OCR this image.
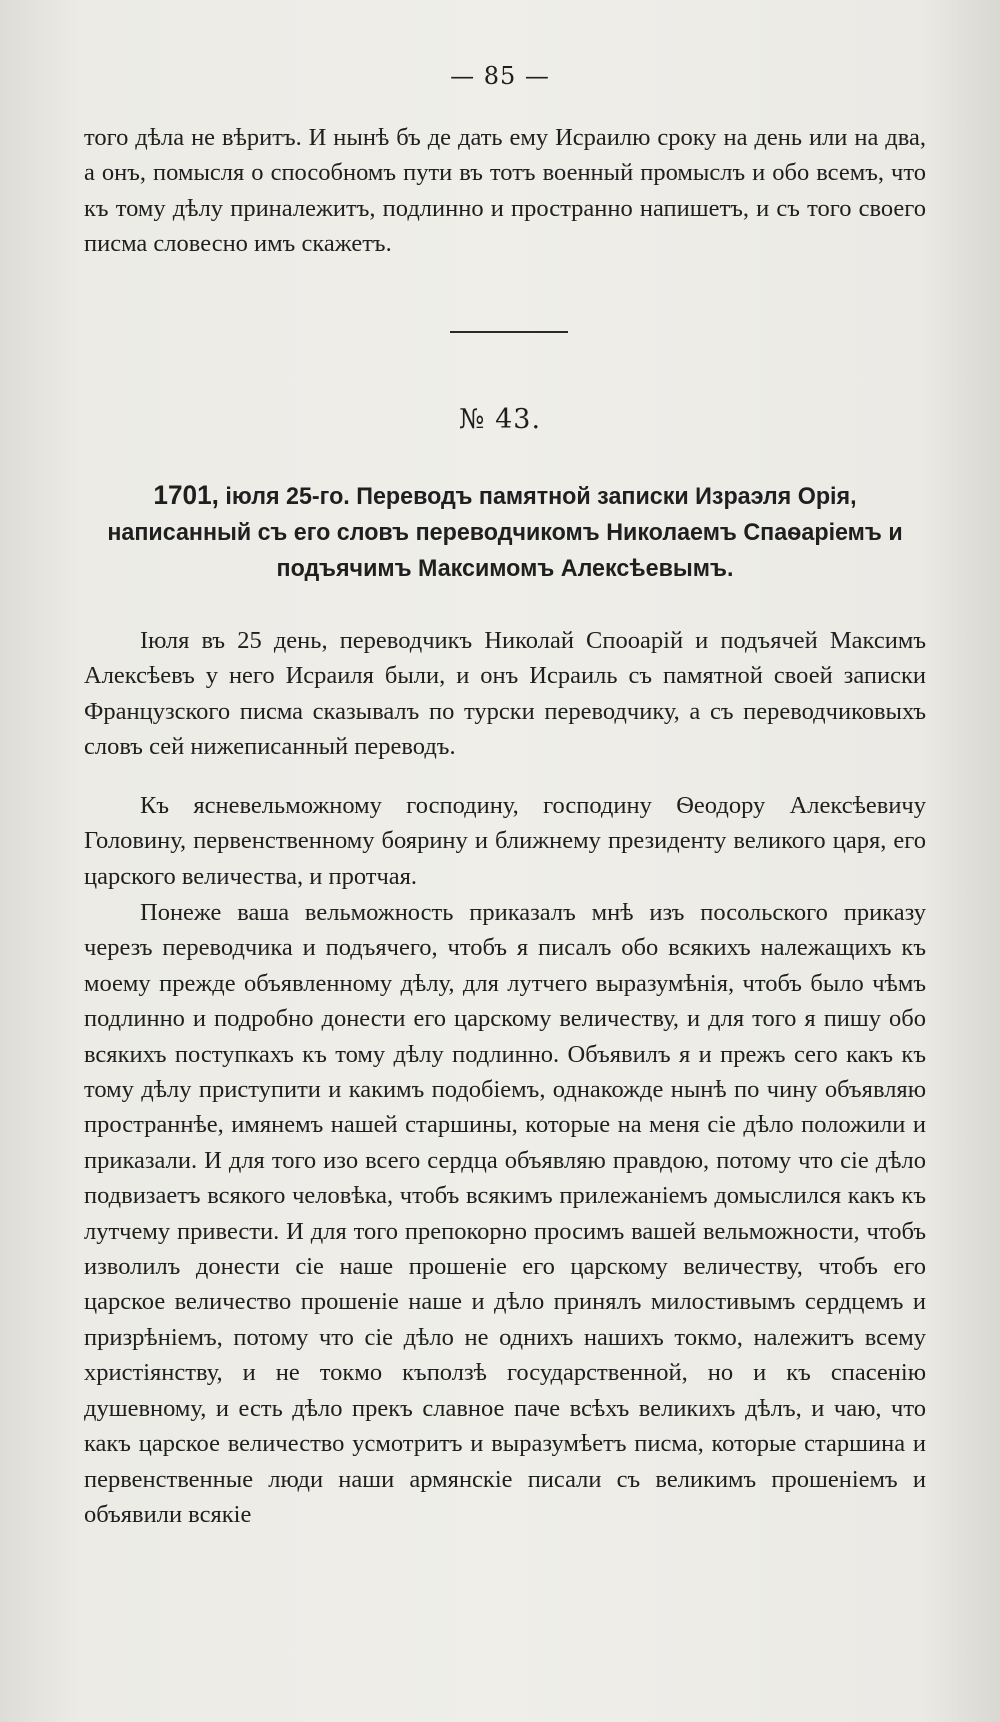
— 85 —

того дѣла не вѣритъ. И нынѣ бъ де дать ему Исраилю сроку на день или на два, а онъ, помысля о способномъ пути въ тотъ военный промыслъ и обо всемъ, что къ тому дѣлу приналежитъ, подлинно и пространно напишетъ, и съ того своего писма словесно имъ скажетъ.

№ 43.

1701, іюля 25-го. Переводъ памятной записки Израэля Орія, написанный съ его словъ переводчикомъ Николаемъ Спаѳаріемъ и подъячимъ Максимомъ Алексѣевымъ.

Іюля въ 25 день, переводчикъ Николай Спооарій и подъячей Максимъ Алексѣевъ у него Исраиля были, и онъ Исраиль съ памятной своей записки Французского писма сказывалъ по турски переводчику, а съ переводчиковыхъ словъ сей нижеписанный переводъ.

Къ ясневельможному господину, господину Ѳеодору Алексѣевичу Головину, первенственному боярину и ближнему президенту великого царя, его царского величества, и протчая.

Понеже ваша вельможность приказалъ мнѣ изъ посольского приказу черезъ переводчика и подъячего, чтобъ я писалъ обо всякихъ належащихъ къ моему прежде объявленному дѣлу, для лутчего выразумѣнія, чтобъ было чѣмъ подлинно и подробно донести его царскому величеству, и для того я пишу обо всякихъ поступкахъ къ тому дѣлу подлинно. Объявилъ я и прежъ сего какъ къ тому дѣлу приступити и какимъ подобіемъ, однакожде нынѣ по чину объявляю пространнѣе, имянемъ нашей старшины, которые на меня сіе дѣло положили и приказали. И для того изо всего сердца объявляю правдою, потому что сіе дѣло подвизаетъ всякого человѣка, чтобъ всякимъ прилежаніемъ домыслился какъ къ лутчему привести. И для того препокорно просимъ вашей вельможности, чтобъ изволилъ донести сіе наше прошеніе его царскому величеству, чтобъ его царское величество прошеніе наше и дѣло принялъ милостивымъ сердцемъ и призрѣніемъ, потому что сіе дѣло не однихъ нашихъ токмо, належитъ всему христіянству, и не токмо къползѣ государственной, но и къ спасенію душевному, и есть дѣло прекъ славное паче всѣхъ великихъ дѣлъ, и чаю, что какъ царское величество усмотритъ и выразумѣетъ писма, которые старшина и первенственные люди наши армянскіе писали съ великимъ прошеніемъ и объявили всякіе
